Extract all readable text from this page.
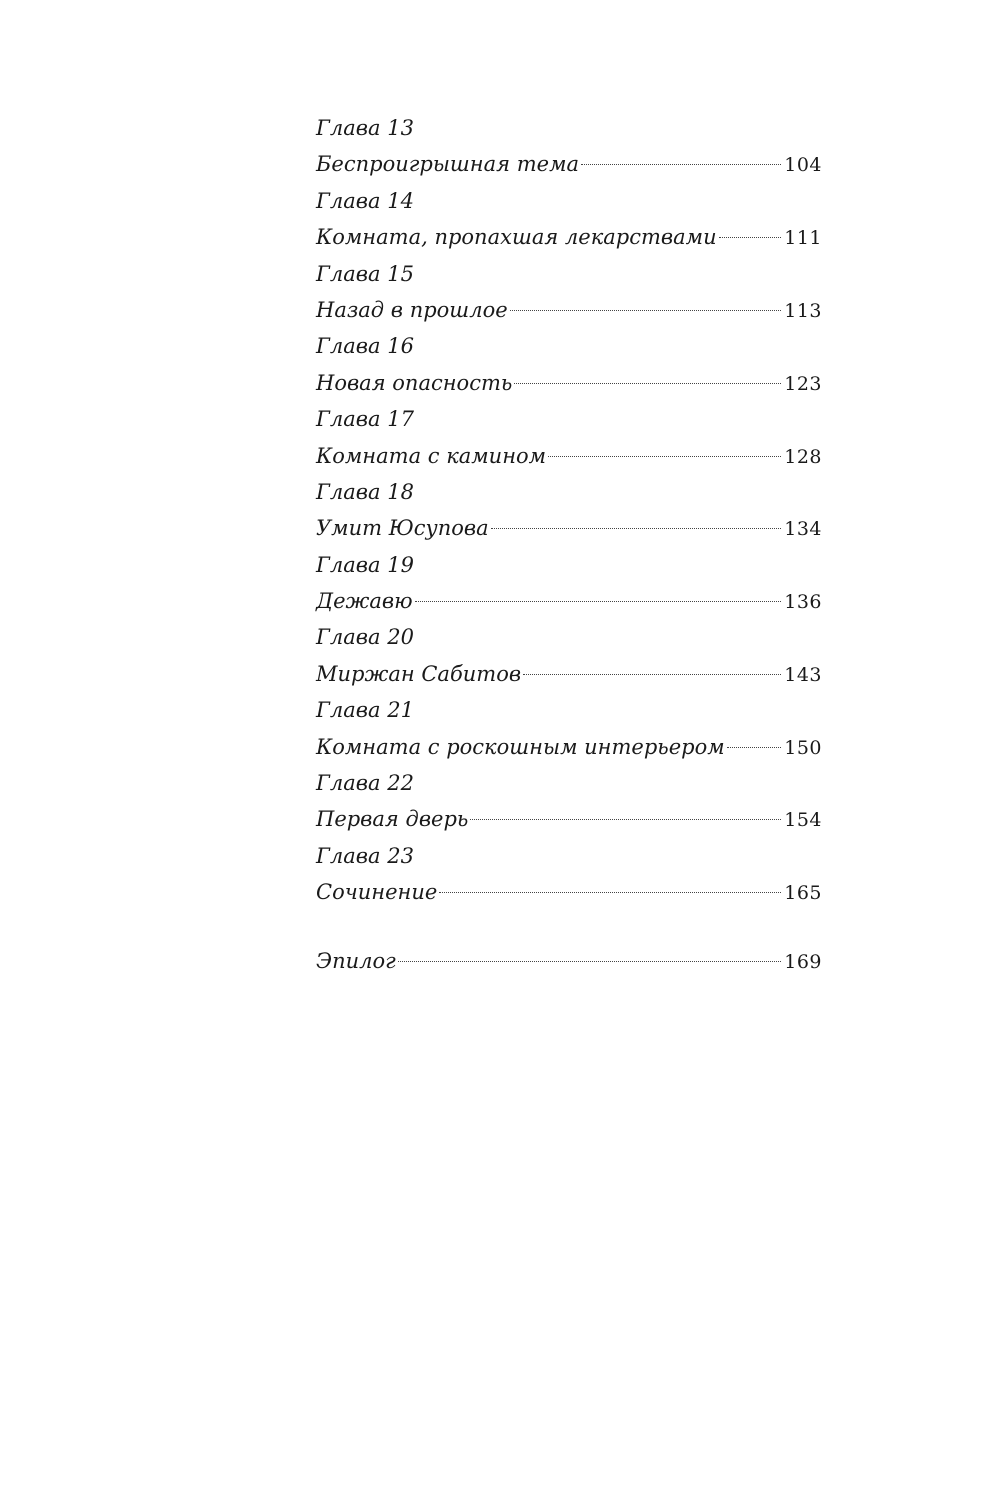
Глава 13
Беспроигрышная тема	104
Глава 14
Комната, пропахшая лекарствами	111
Глава 15
Назад в прошлое	113
Глава 16
Новая опасность	123
Глава 17
Комната с камином	128
Глава 18
Умит Юсупова	134
Глава 19
Дежавю	136
Глава 20
Миржан Сабитов	143
Глава 21
Комната с роскошным интерьером	150
Глава 22
Первая дверь	154
Глава 23
Сочинение	165
Эпилог	169
